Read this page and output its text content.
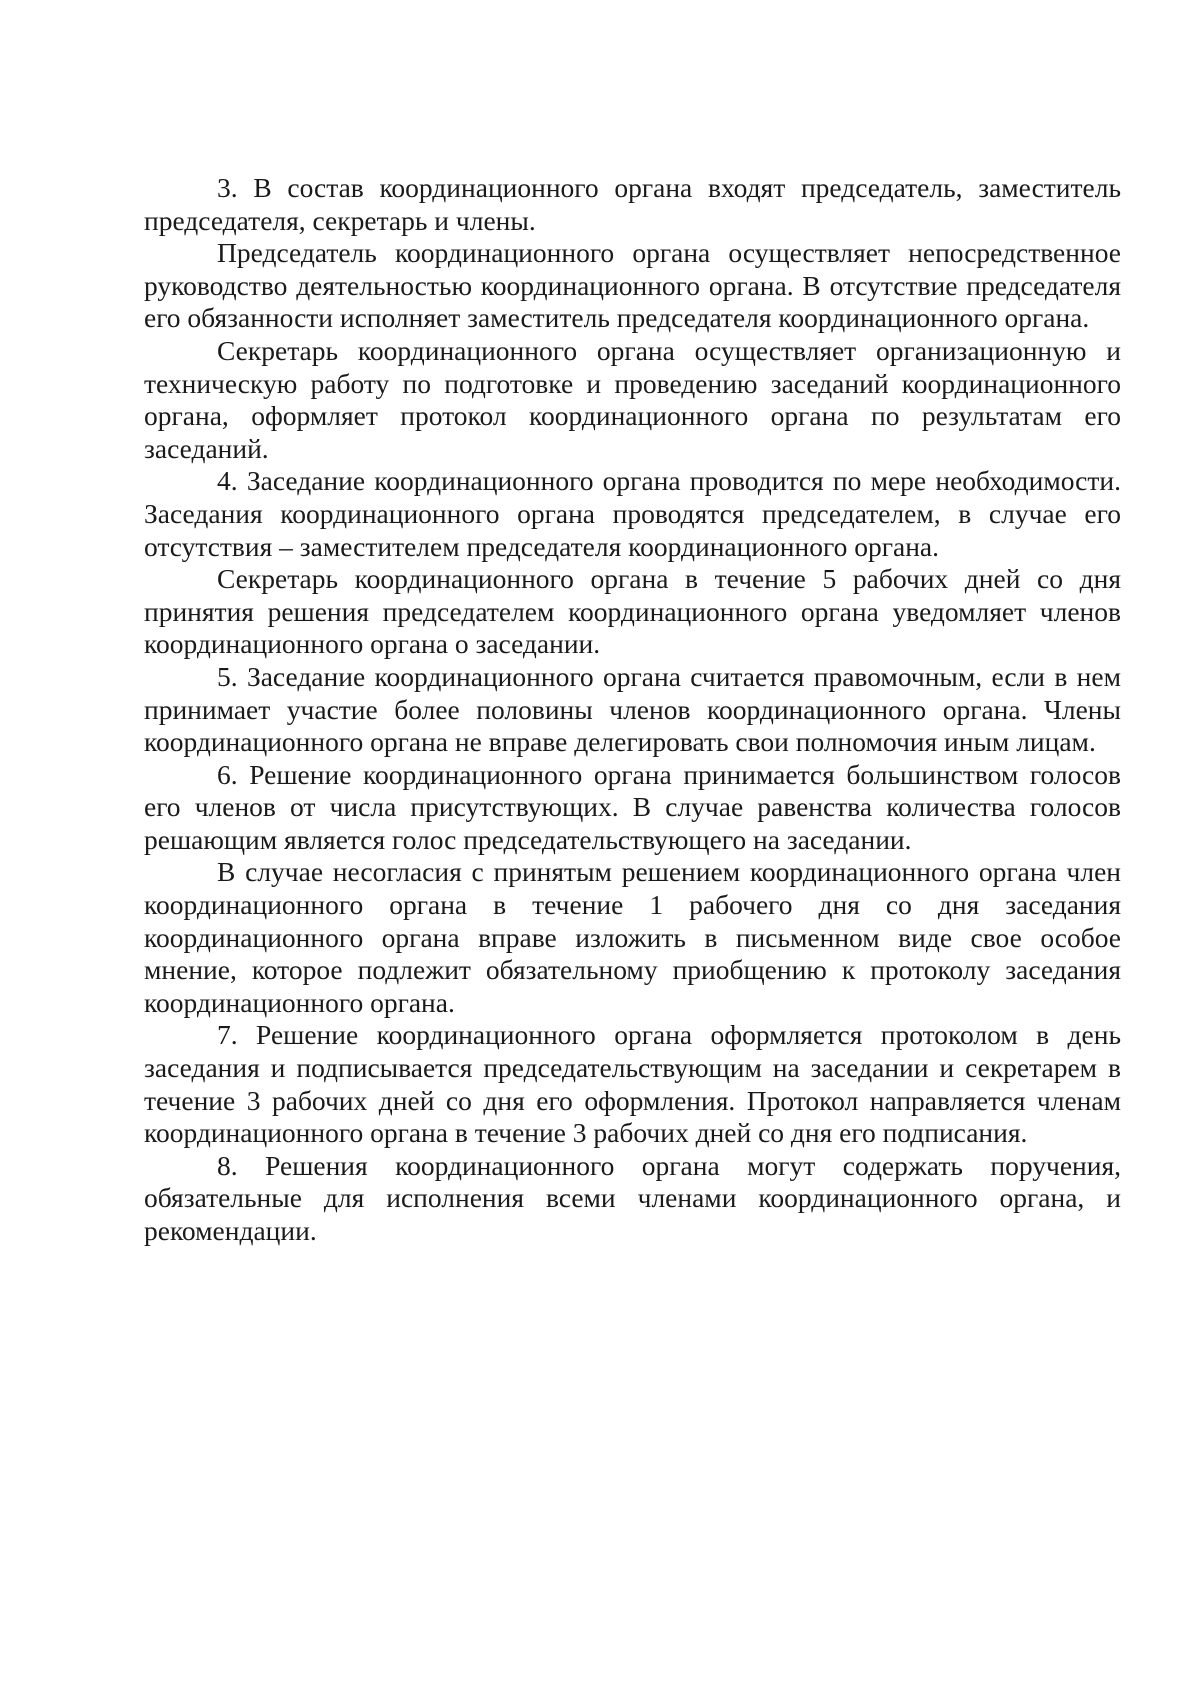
3. В состав координационного органа входят председатель, заместитель председателя, секретарь и члены.

Председатель координационного органа осуществляет непосредственное руководство деятельностью координационного органа. В отсутствие председателя его обязанности исполняет заместитель председателя координационного органа.

Секретарь координационного органа осуществляет организационную и техническую работу по подготовке и проведению заседаний координационного органа, оформляет протокол координационного органа по результатам его заседаний.

4. Заседание координационного органа проводится по мере необходимости. Заседания координационного органа проводятся председателем, в случае его отсутствия – заместителем председателя координационного органа.

Секретарь координационного органа в течение 5 рабочих дней со дня принятия решения председателем координационного органа уведомляет членов координационного органа о заседании.

5. Заседание координационного органа считается правомочным, если в нем принимает участие более половины членов координационного органа. Члены координационного органа не вправе делегировать свои полномочия иным лицам.

6. Решение координационного органа принимается большинством голосов его членов от числа присутствующих. В случае равенства количества голосов решающим является голос председательствующего на заседании.

В случае несогласия с принятым решением координационного органа член координационного органа в течение 1 рабочего дня со дня заседания координационного органа вправе изложить в письменном виде свое особое мнение, которое подлежит обязательному приобщению к протоколу заседания координационного органа.

7. Решение координационного органа оформляется протоколом в день заседания и подписывается председательствующим на заседании и секретарем в течение 3 рабочих дней со дня его оформления. Протокол направляется членам координационного органа в течение 3 рабочих дней со дня его подписания.

8. Решения координационного органа могут содержать поручения, обязательные для исполнения всеми членами координационного органа, и рекомендации.
